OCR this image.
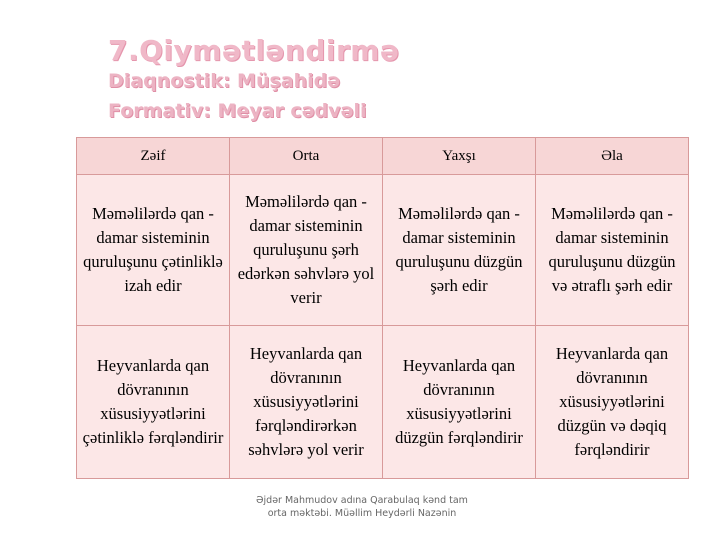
7.Qiymətləndirmə
Diaqnostik: Müşahidə
Formativ: Meyar cədvəli
Zəif	Orta	Yaxşı	Əla
Məməlilərdə qan -damar sisteminin quruluşunu çətinliklə izah edir	Məməlilərdə qan -damar sisteminin quruluşunu şərh edərkən səhvlərə yol verir	Məməlilərdə qan -damar sisteminin quruluşunu düzgün şərh edir	Məməlilərdə qan -damar sisteminin quruluşunu düzgün və ətraflı şərh edir
Heyvanlarda qan dövranının xüsusiyyətlərini çətinliklə fərqləndirir	Heyvanlarda qan dövranının xüsusiyyətlərini fərqləndirərkən səhvlərə yol verir	Heyvanlarda qan dövranının xüsusiyyətlərini düzgün fərqləndirir	Heyvanlarda qan dövranının xüsusiyyətlərini düzgün və dəqiq fərqləndirir
Əjdər Mahmudov adına Qarabulaq kənd tam orta məktəbi. Müəllim Heydərli Nazənin
